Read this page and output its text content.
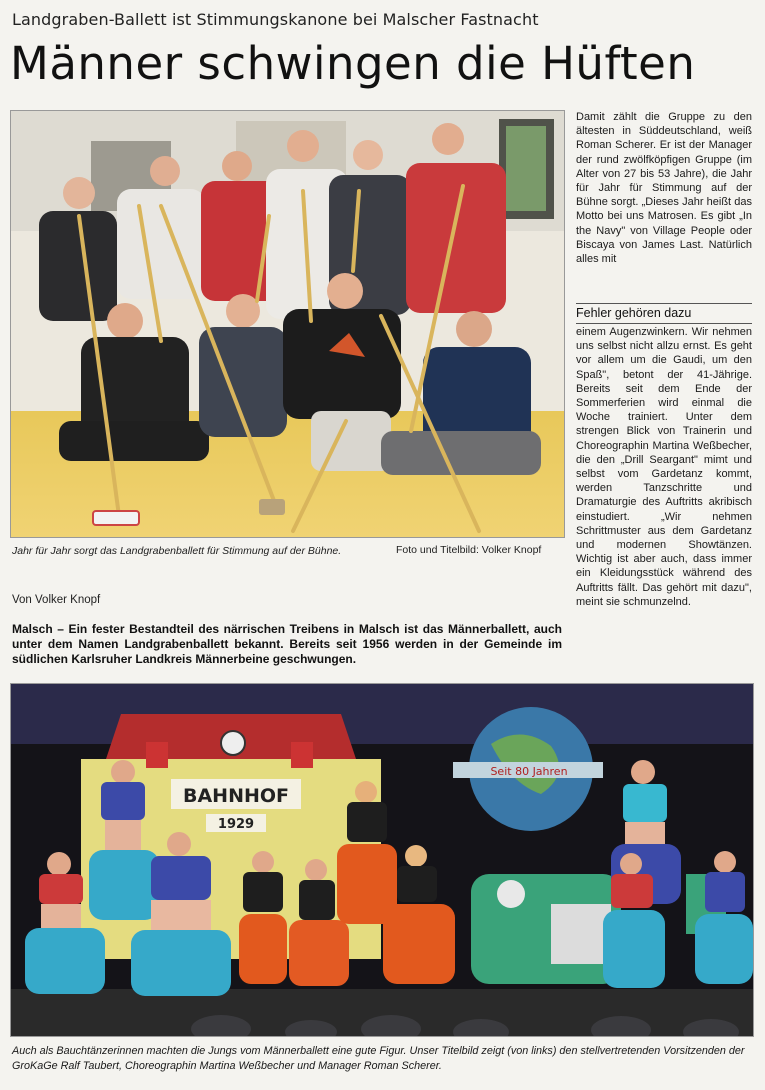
Landgraben-Ballett ist Stimmungskanone bei Malscher Fastnacht
Männer schwingen die Hüften
Jahr für Jahr sorgt das Landgrabenballett für Stimmung auf der Bühne.	Foto und Titelbild: Volker Knopf
Von Volker Knopf
Malsch – Ein fester Bestandteil des närrischen Treibens in Malsch ist das Männerballett, auch unter dem Namen Landgrabenballett bekannt. Bereits seit 1956 werden in der Gemeinde im südlichen Karlsruher Landkreis Männerbeine geschwungen.

Damit zählt die Gruppe zu den ältesten in Süddeutschland, weiß Roman Scherer. Er ist der Manager der rund zwölfköpfigen Gruppe (im Alter von 27 bis 53 Jahre), die Jahr für Jahr für Stimmung auf der Bühne sorgt. „Dieses Jahr heißt das Motto bei uns Matrosen. Es gibt „In the Navy" von Village People oder Biscaya von James Last. Natürlich alles mit

Fehler gehören dazu

einem Augenzwinkern. Wir nehmen uns selbst nicht allzu ernst. Es geht vor allem um die Gaudi, um den Spaß", betont der 41-Jährige. Bereits seit dem Ende der Sommerferien wird einmal die Woche trainiert. Unter dem strengen Blick von Trainerin und Choreographin Martina Weßbecher, die den „Drill Seargant" mimt und selbst vom Gardetanz kommt, werden Tanzschritte und Dramaturgie des Auftritts akribisch einstudiert. „Wir nehmen Schrittmuster aus dem Gardetanz und modernen Showtänzen. Wichtig ist aber auch, dass immer ein Kleidungsstück während des Auftritts fällt. Das gehört mit dazu", meint sie schmunzelnd.

BAHNHOF
1929
Seit 80 Jahren
Auch als Bauchtänzerinnen machten die Jungs vom Männerballett eine gute Figur. Unser Titelbild zeigt (von links) den stellvertretenden Vorsitzenden der GroKaGe Ralf Taubert, Choreographin Martina Weßbecher und Manager Roman Scherer.
